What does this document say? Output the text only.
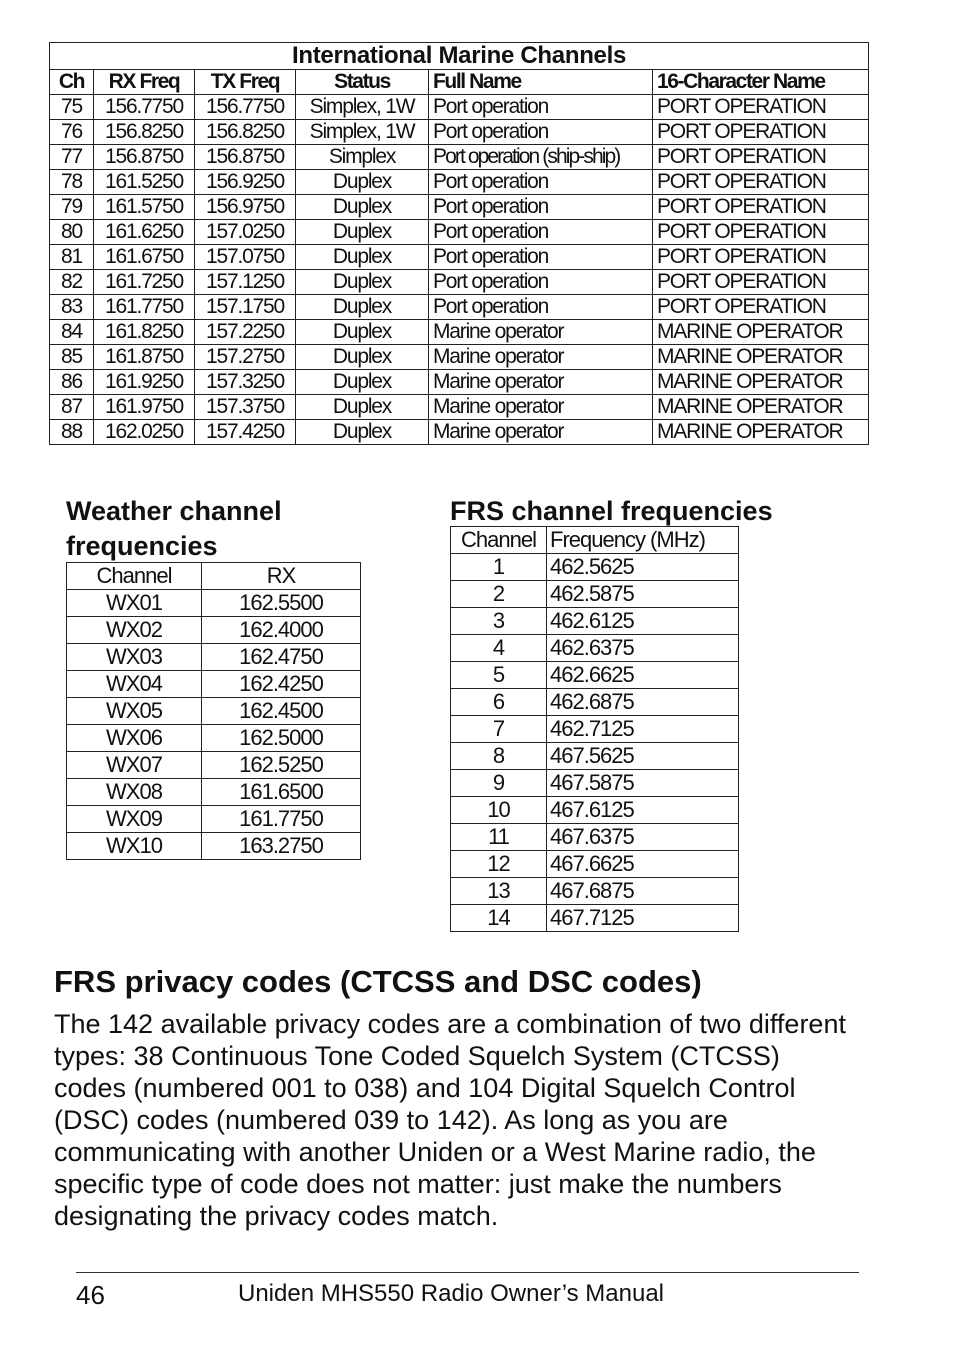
International Marine Channels					
Ch	RX Freq	TX Freq	Status	Full Name	16-Character Name
75	156.7750	156.7750	Simplex, 1W	Port operation	PORT OPERATION
76	156.8250	156.8250	Simplex, 1W	Port operation	PORT OPERATION
77	156.8750	156.8750	Simplex	Port operation (ship-ship)	PORT OPERATION
78	161.5250	156.9250	Duplex	Port operation	PORT OPERATION
79	161.5750	156.9750	Duplex	Port operation	PORT OPERATION
80	161.6250	157.0250	Duplex	Port operation	PORT OPERATION
81	161.6750	157.0750	Duplex	Port operation	PORT OPERATION
82	161.7250	157.1250	Duplex	Port operation	PORT OPERATION
83	161.7750	157.1750	Duplex	Port operation	PORT OPERATION
84	161.8250	157.2250	Duplex	Marine operator	MARINE OPERATOR
85	161.8750	157.2750	Duplex	Marine operator	MARINE OPERATOR
86	161.9250	157.3250	Duplex	Marine operator	MARINE OPERATOR
87	161.9750	157.3750	Duplex	Marine operator	MARINE OPERATOR
88	162.0250	157.4250	Duplex	Marine operator	MARINE OPERATOR
Weather channel frequencies
Channel	RX
WX01	162.5500
WX02	162.4000
WX03	162.4750
WX04	162.4250
WX05	162.4500
WX06	162.5000
WX07	162.5250
WX08	161.6500
WX09	161.7750
WX10	163.2750
FRS channel frequencies
Channel	Frequency (MHz)
1	462.5625
2	462.5875
3	462.6125
4	462.6375
5	462.6625
6	462.6875
7	462.7125
8	467.5625
9	467.5875
10	467.6125
11	467.6375
12	467.6625
13	467.6875
14	467.7125
FRS privacy codes (CTCSS and DSC codes)

The 142 available privacy codes are a combination of two different types: 38 Continuous Tone Coded Squelch System (CTCSS) codes (numbered 001 to 038) and 104 Digital Squelch Control (DSC) codes (numbered 039 to 142). As long as you are communicating with another Uniden or a West Marine radio, the specific type of code does not matter: just make the numbers designating the privacy codes match.

46	Uniden MHS550 Radio Owner’s Manual
